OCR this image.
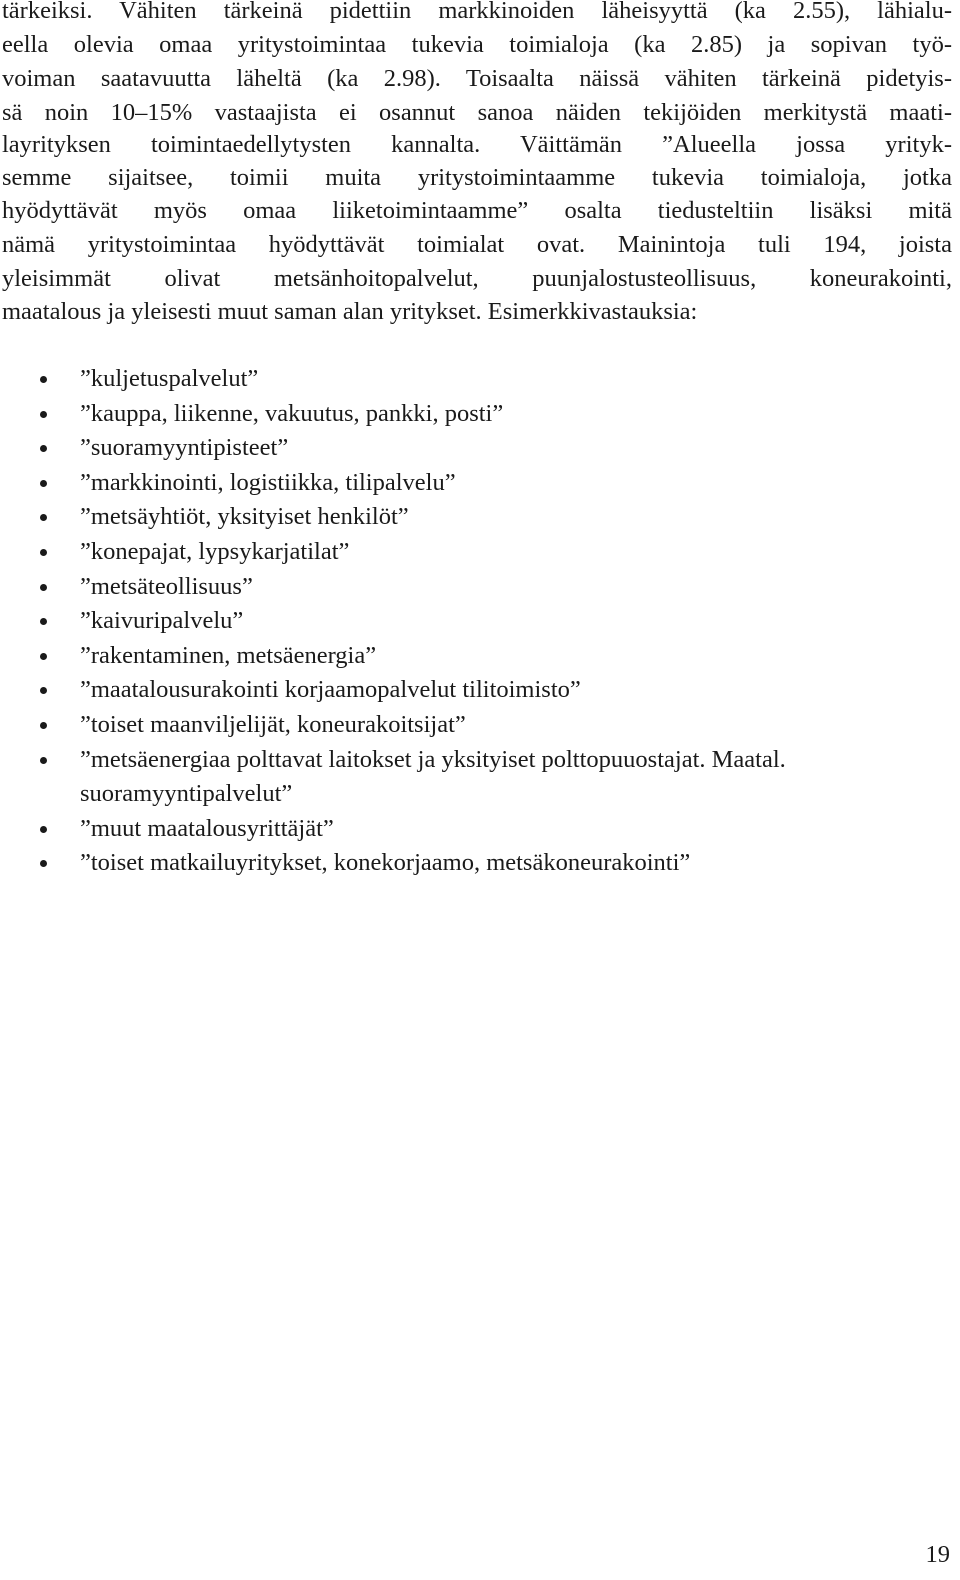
tärkeiksi. Vähiten tärkeinä pidettiin markkinoiden läheisyyttä (ka 2.55), lähialu-
eella olevia omaa yritystoimintaa tukevia toimialoja (ka 2.85) ja sopivan työ-
voiman saatavuutta läheltä (ka 2.98). Toisaalta näissä vähiten tärkeinä pidetyis-
sä noin 10–15% vastaajista ei osannut sanoa näiden tekijöiden merkitystä maati-
layrityksen toimintaedellytysten kannalta. Väittämän ”Alueella jossa yrityk-
semme sijaitsee, toimii muita yritystoimintaamme tukevia toimialoja, jotka
hyödyttävät myös omaa liiketoimintaamme” osalta tiedusteltiin lisäksi mitä
nämä yritystoimintaa hyödyttävät toimialat ovat. Mainintoja tuli 194, joista
yleisimmät olivat metsänhoitopalvelut, puunjalostusteollisuus, koneurakointi,
maatalous ja yleisesti muut saman alan yritykset. Esimerkkivastauksia:
”kuljetuspalvelut”
”kauppa, liikenne, vakuutus, pankki, posti”
”suoramyyntipisteet”
”markkinointi, logistiikka, tilipalvelu”
”metsäyhtiöt, yksityiset henkilöt”
”konepajat, lypsykarjatilat”
”metsäteollisuus”
”kaivuripalvelu”
”rakentaminen, metsäenergia”
”maatalousurakointi korjaamopalvelut tilitoimisto”
”toiset maanviljelijät, koneurakoitsijat”
”metsäenergiaa polttavat laitokset ja yksityiset polttopuuostajat. Maatal.
suoramyyntipalvelut”
”muut maatalousyrittäjät”
”toiset matkailuyritykset, konekorjaamo, metsäkoneurakointi”
19
